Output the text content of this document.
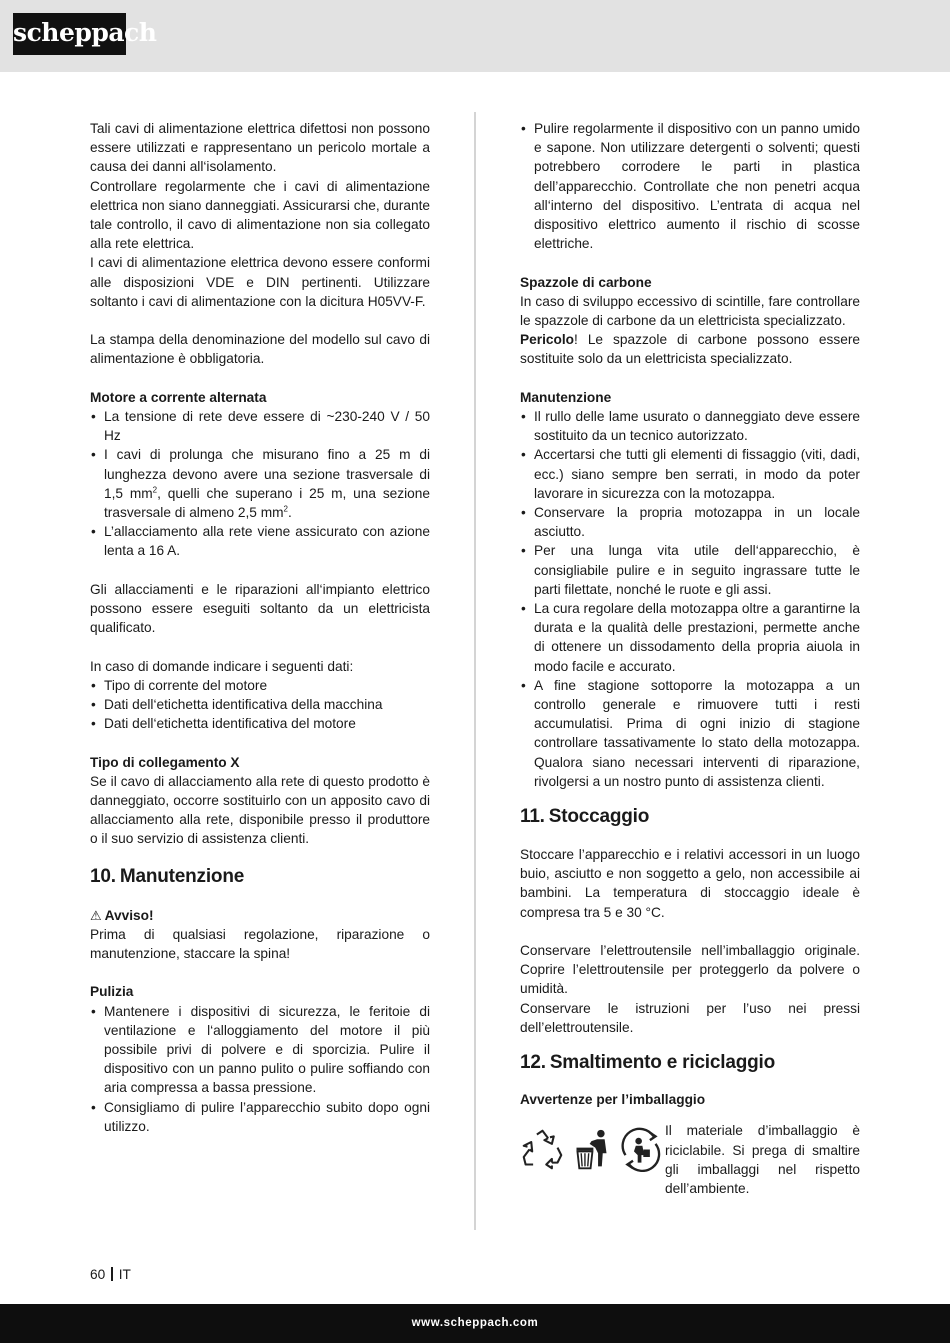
scheppach

Tali cavi di alimentazione elettrica difettosi non possono essere utilizzati e rappresentano un pericolo mortale a causa dei danni all‘isolamento.

Controllare regolarmente che i cavi di alimentazione elettrica non siano danneggiati. Assicurarsi che, durante tale controllo, il cavo di alimentazione non sia collegato alla rete elettrica.

I cavi di alimentazione elettrica devono essere conformi alle disposizioni VDE e DIN pertinenti. Utilizzare soltanto i cavi di alimentazione con la dicitura H05VV-F.

La stampa della denominazione del modello sul cavo di alimentazione è obbligatoria.

Motore a corrente alternata

• La tensione di rete deve essere di ~230-240 V / 50 Hz
• I cavi di prolunga che misurano fino a 25 m di lunghezza devono avere una sezione trasversale di 1,5 $mm^2$, quelli che superano i 25 m, una sezione trasversale di almeno 2,5 $mm^2$.
• L’allacciamento alla rete viene assicurato con azione lenta a 16 A.

Gli allacciamenti e le riparazioni all‘impianto elettrico possono essere eseguiti soltanto da un elettricista qualificato.

In caso di domande indicare i seguenti dati:

• Tipo di corrente del motore
• Dati dell‘etichetta identificativa della macchina
• Dati dell‘etichetta identificativa del motore

Tipo di collegamento X

Se il cavo di allacciamento alla rete di questo prodotto è danneggiato, occorre sostituirlo con un apposito cavo di allacciamento alla rete, disponibile presso il produttore o il suo servizio di assistenza clienti.

10. Manutenzione

⚠ Avviso!

Prima di qualsiasi regolazione, riparazione o manutenzione, staccare la spina!

Pulizia

• Mantenere i dispositivi di sicurezza, le feritoie di ventilazione e l‘alloggiamento del motore il più possibile privi di polvere e di sporcizia. Pulire il dispositivo con un panno pulito o pulire soffiando con aria compressa a bassa pressione.
• Consigliamo di pulire l’apparecchio subito dopo ogni utilizzo.
• Pulire regolarmente il dispositivo con un panno umido e sapone. Non utilizzare detergenti o solventi; questi potrebbero corrodere le parti in plastica dell’apparecchio. Controllate che non penetri acqua all‘interno del dispositivo. L’entrata di acqua nel dispositivo elettrico aumento il rischio di scosse elettriche.

Spazzole di carbone

In caso di sviluppo eccessivo di scintille, fare controllare le spazzole di carbone da un elettricista specializzato.

Pericolo! Le spazzole di carbone possono essere sostituite solo da un elettricista specializzato.

Manutenzione

• Il rullo delle lame usurato o danneggiato deve essere sostituito da un tecnico autorizzato.
• Accertarsi che tutti gli elementi di fissaggio (viti, dadi, ecc.) siano sempre ben serrati, in modo da poter lavorare in sicurezza con la motozappa.
• Conservare la propria motozappa in un locale asciutto.
• Per una lunga vita utile dell‘apparecchio, è consigliabile pulire e in seguito ingrassare tutte le parti filettate, nonché le ruote e gli assi.
• La cura regolare della motozappa oltre a garantirne la durata e la qualità delle prestazioni, permette anche di ottenere un dissodamento della propria aiuola in modo facile e accurato.
• A fine stagione sottoporre la motozappa a un controllo generale e rimuovere tutti i resti accumulatisi. Prima di ogni inizio di stagione controllare tassativamente lo stato della motozappa. Qualora siano necessari interventi di riparazione, rivolgersi a un nostro punto di assistenza clienti.
11. Stoccaggio

Stoccare l’apparecchio e i relativi accessori in un luogo buio, asciutto e non soggetto a gelo, non accessibile ai bambini. La temperatura di stoccaggio ideale è compresa tra 5 e 30 °C.

Conservare l’elettroutensile nell’imballaggio originale. Coprire l’elettroutensile per proteggerlo da polvere o umidità.

Conservare le istruzioni per l’uso nei pressi dell’elettroutensile.

12. Smaltimento e riciclaggio

Avvertenze per l’imballaggio

Il materiale d’imballaggio è riciclabile. Si prega di smaltire gli imballaggi nel rispetto dell’ambiente.

60 IT
www.scheppach.com
